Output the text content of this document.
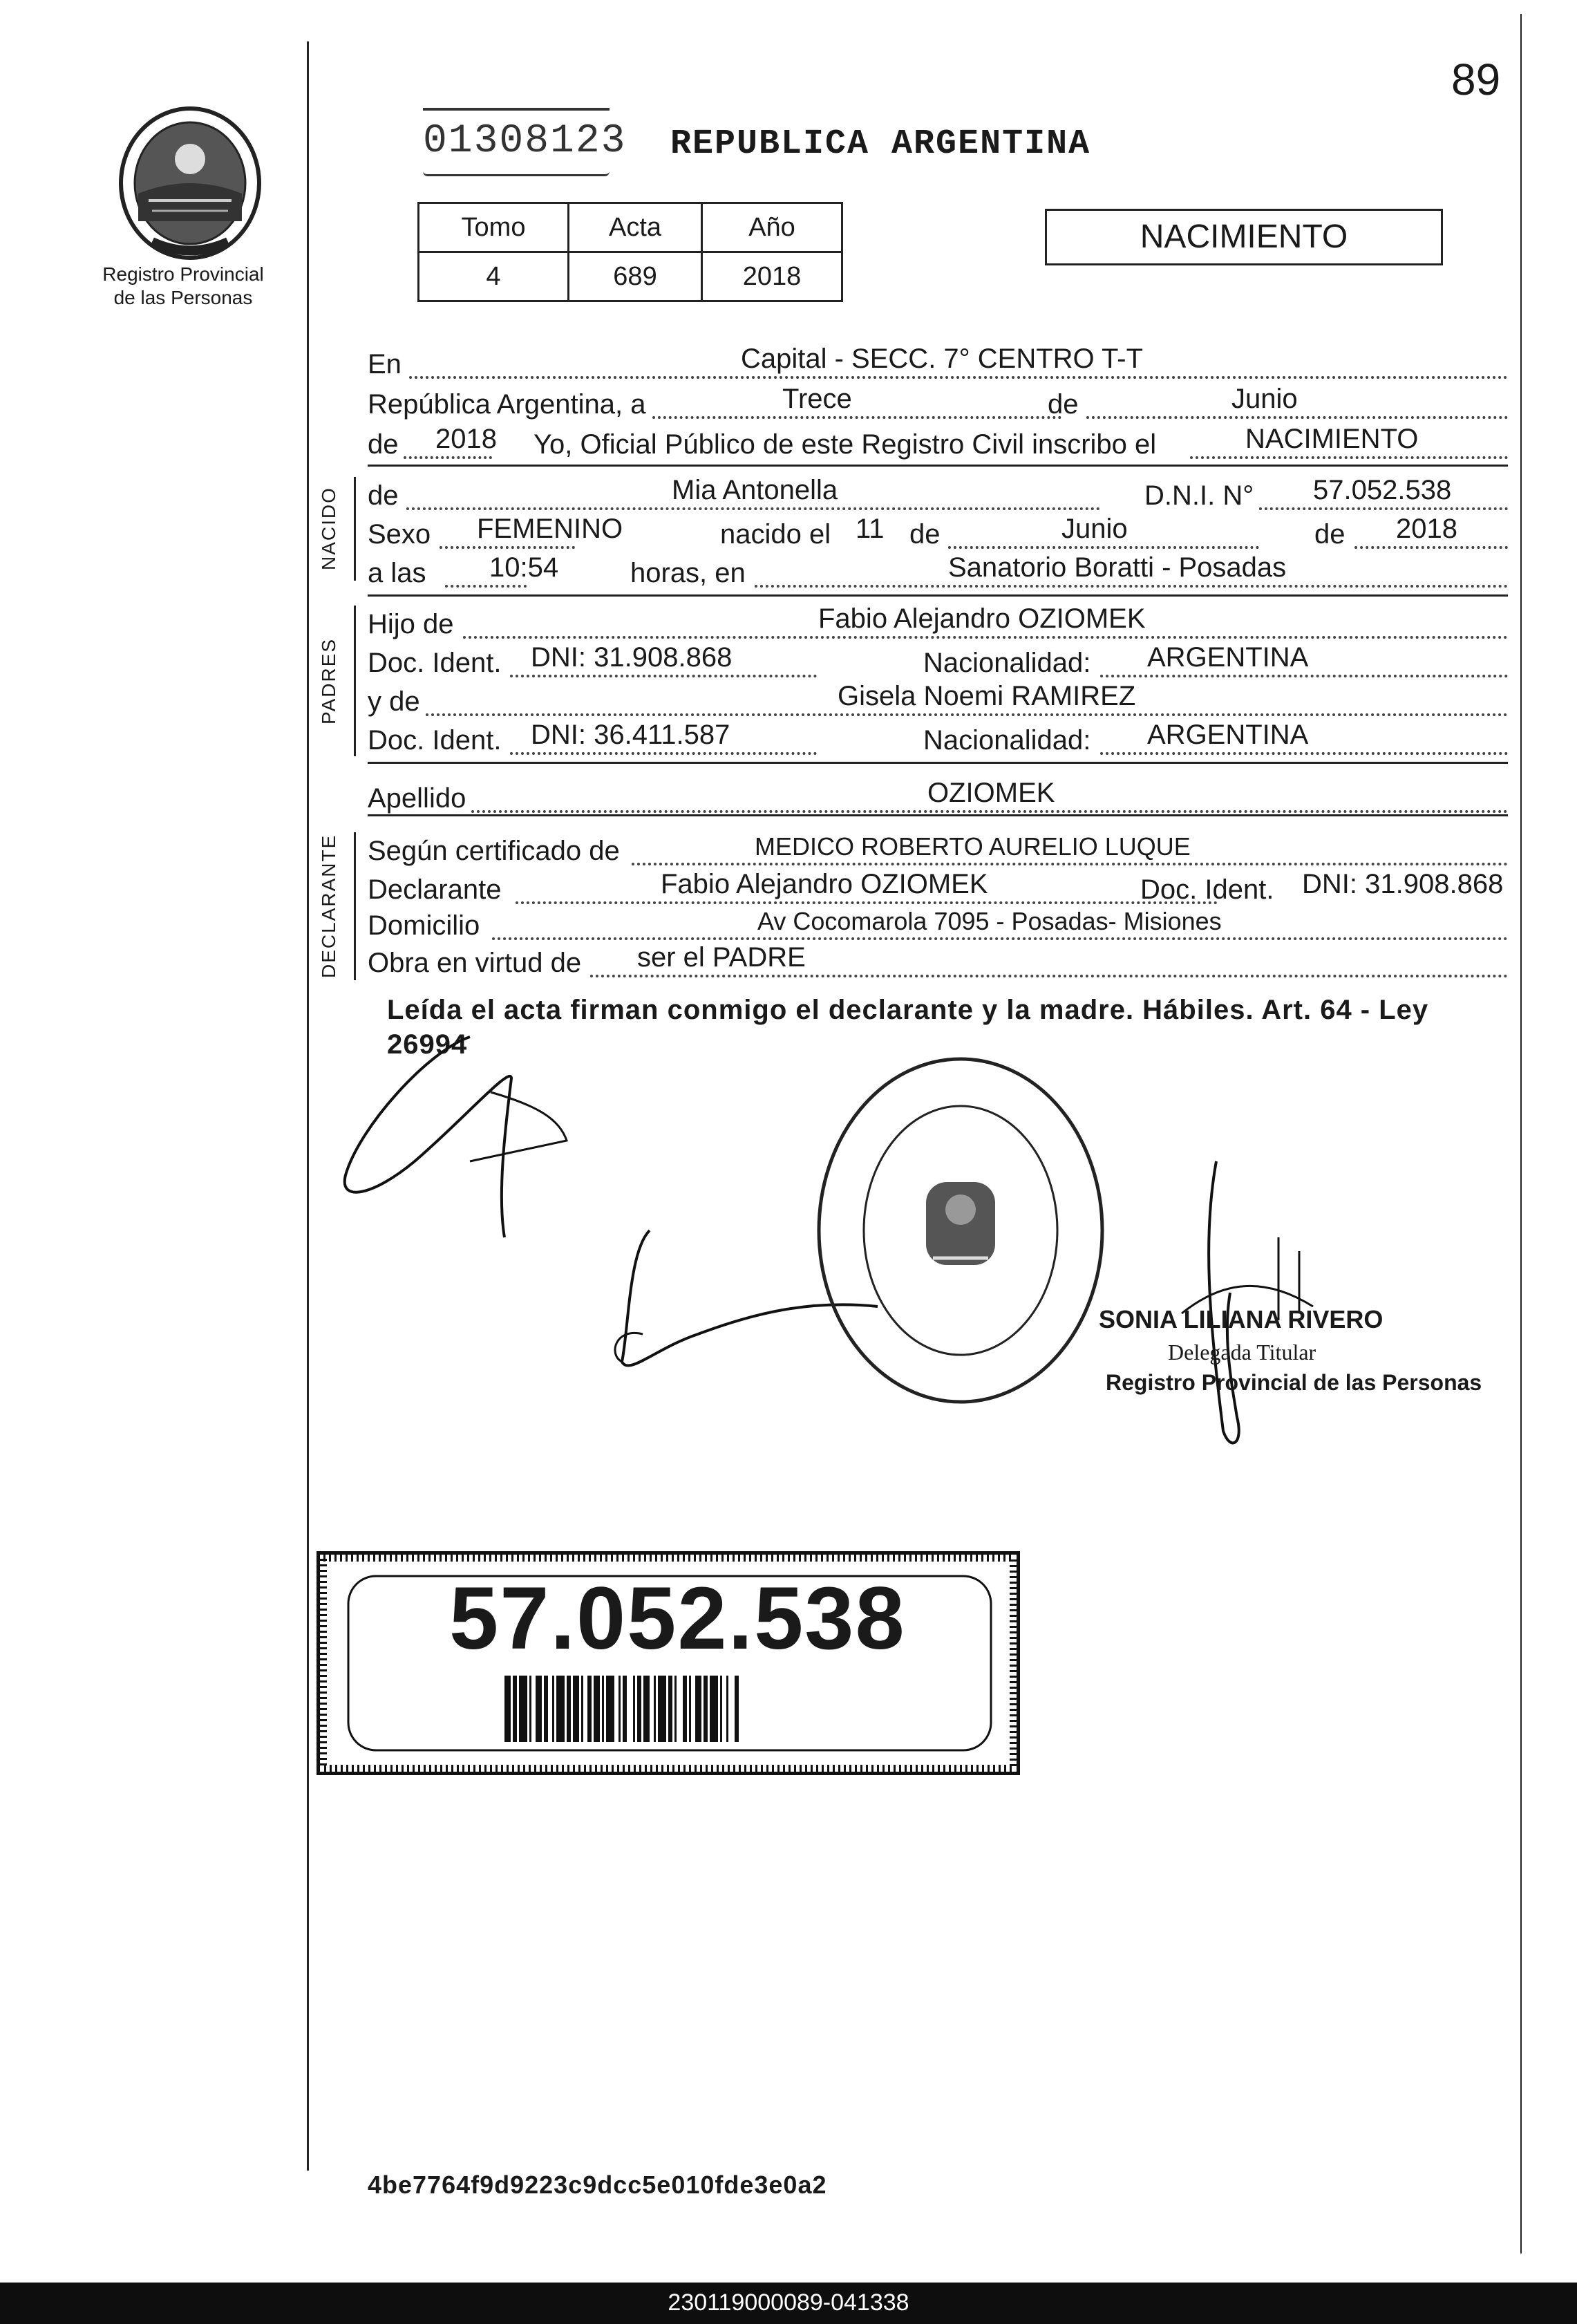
89
Registro Provincial
de las Personas
01308123 REPUBLICA ARGENTINA
Tomo	Acta	Año
4	689	2018
NACIMIENTO
En	Capital - SECC. 7° CENTRO T-T
República Argentina, a	Trece	de	Junio
de 2018 Yo, Oficial Público de este Registro Civil inscribo el	NACIMIENTO
NACIDO de	Mia Antonella	D.N.I. N° 57.052.538
Sexo FEMENINO	nacido el 11 de	Junio	de 2018
a las 10:54	horas, en	Sanatorio Boratti - Posadas
PADRES
Hijo de	Fabio Alejandro OZIOMEK
Doc. Ident. DNI: 31.908.868	Nacionalidad: ARGENTINA
y de	Gisela Noemi RAMIREZ
Doc. Ident. DNI: 36.411.587	Nacionalidad: ARGENTINA
Apellido	OZIOMEK
DECLARANTE Según certificado de	MEDICO ROBERTO AURELIO LUQUE
Declarante	Fabio Alejandro OZIOMEK	Doc. Ident. DNI: 31.908.868
Domicilio	Av Cocomarola 7095 - Posadas- Misiones
Obra en virtud de ser el PADRE
Leída el acta firman conmigo el declarante y la madre. Hábiles. Art. 64 - Ley
26994
SONIA LILIANA RIVERO
Delegada Titular
Registro Provincial de las Personas
57.052.538
4be7764f9d9223c9dcc5e010fde3e0a2
230119000089-041338
